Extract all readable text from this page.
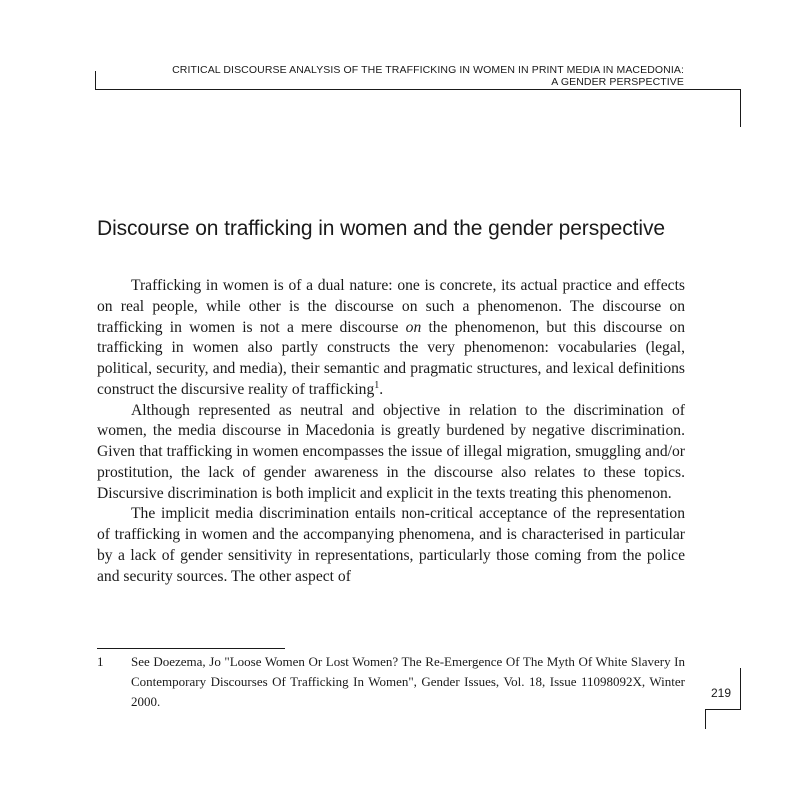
CRITICAL DISCOURSE ANALYSIS OF THE TRAFFICKING IN WOMEN IN PRINT MEDIA IN MACEDONIA:
A GENDER PERSPECTIVE
Discourse on trafficking in women and the gender perspective

Trafficking in women is of a dual nature: one is concrete, its actual practice and effects on real people, while other is the discourse on such a phenomenon. The discourse on trafficking in women is not a mere discourse on the phenomenon, but this discourse on trafficking in women also partly constructs the very phenomenon: vocabularies (legal, political, security, and media), their semantic and pragmatic structures, and lexical definitions construct the discursive reality of trafficking$^1$.

Although represented as neutral and objective in relation to the discrimination of women, the media discourse in Macedonia is greatly burdened by negative discrimination. Given that trafficking in women encompasses the issue of illegal migration, smuggling and/or prostitution, the lack of gender awareness in the discourse also relates to these topics. Discursive discrimination is both implicit and explicit in the texts treating this phenomenon.

The implicit media discrimination entails non-critical acceptance of the representation of trafficking in women and the accompanying phenomena, and is characterised in particular by a lack of gender sensitivity in representations, particularly those coming from the police and security sources. The other aspect of

1 See Doezema, Jo "Loose Women Or Lost Women? The Re-Emergence Of The Myth Of White Slavery In Contemporary Discourses Of Trafficking In Women", Gender Issues, Vol. 18, Issue 11098092X, Winter 2000.
219
